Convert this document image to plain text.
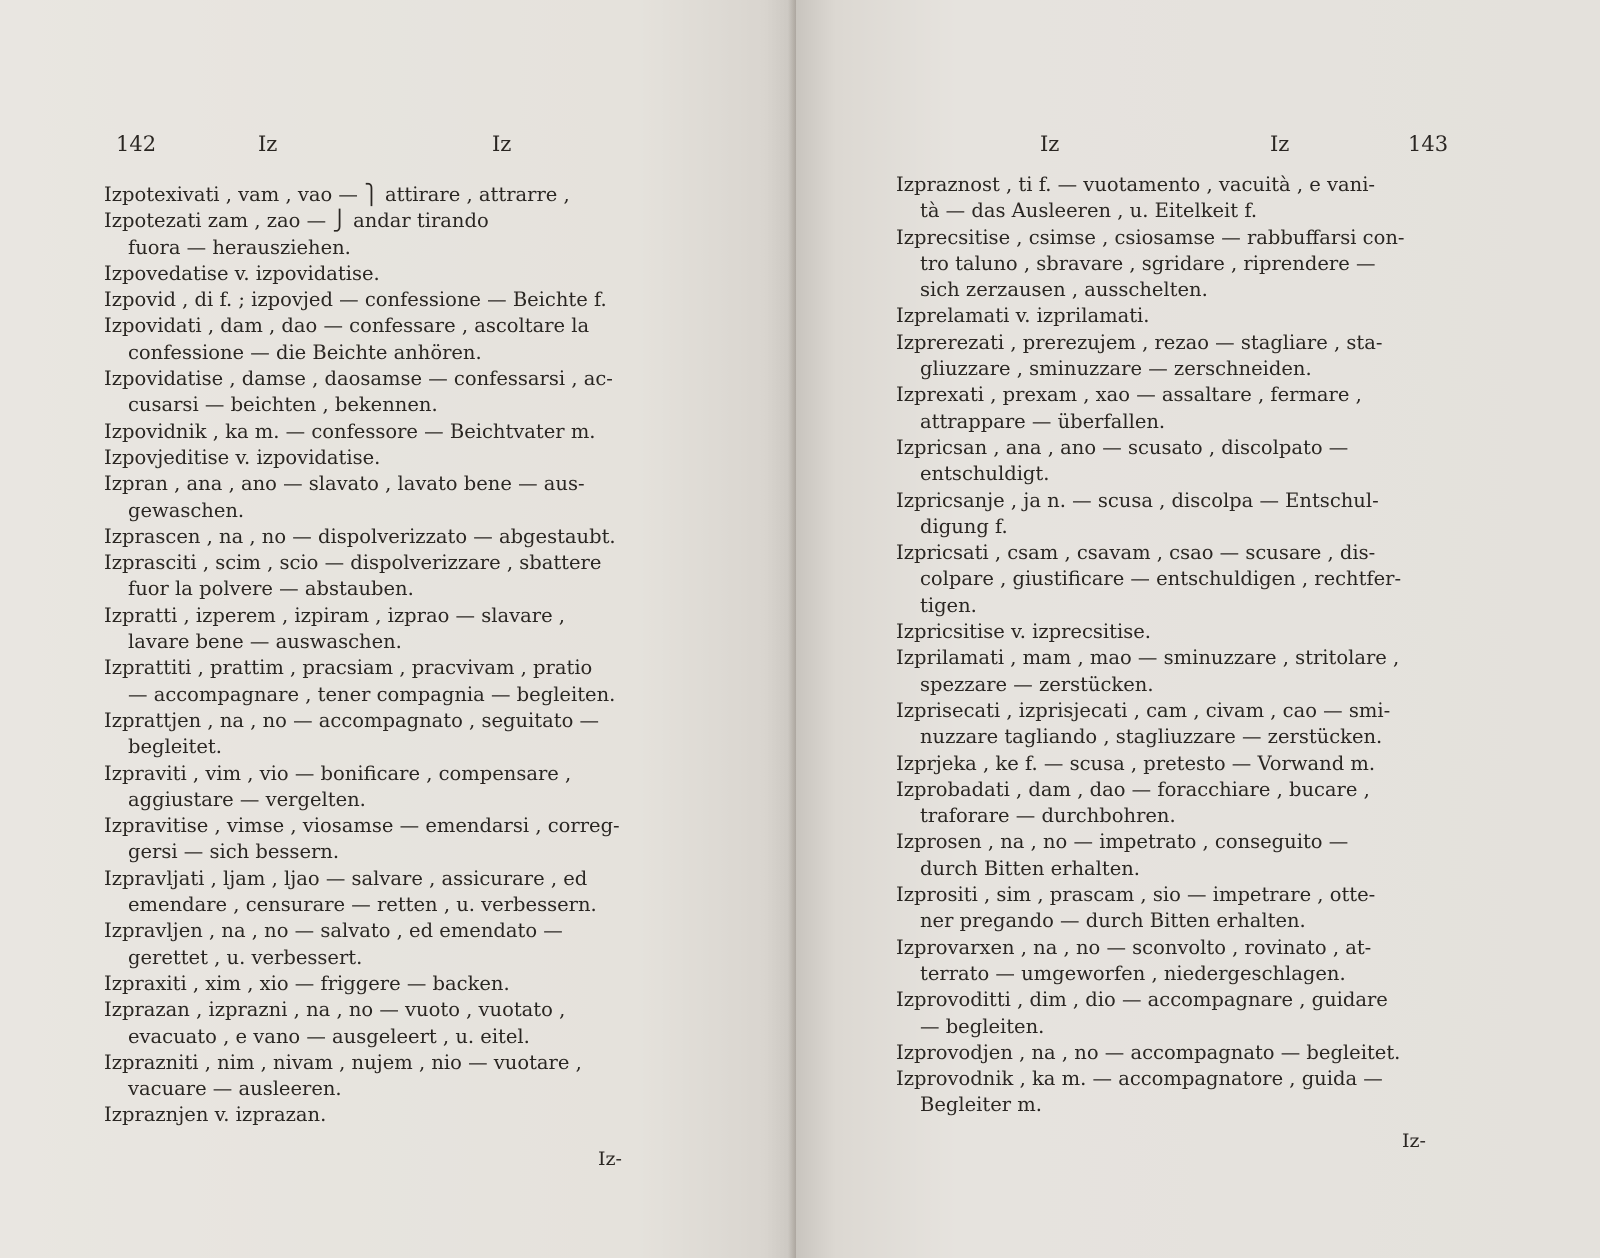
142	Iz	Iz
Izpotexivati , vam , vao — ⎫ attirare , attrarre ,
Izpotezati zam , zao — ⎭ andar tirando
fuora — herausziehen.
Izpovedatise v. izpovidatise.
Izpovid , di f. ; izpovjed — confessione — Beichte f.
Izpovidati , dam , dao — confessare , ascoltare la
confessione — die Beichte anhören.
Izpovidatise , damse , daosamse — confessarsi , ac-
cusarsi — beichten , bekennen.
Izpovidnik , ka m. — confessore — Beichtvater m.
Izpovjeditise v. izpovidatise.
Izpran , ana , ano — slavato , lavato bene — aus-
gewaschen.
Izprascen , na , no — dispolverizzato — abgestaubt.
Izprasciti , scim , scio — dispolverizzare , sbattere
fuor la polvere — abstauben.
Izpratti , izperem , izpiram , izprao — slavare ,
lavare bene — auswaschen.
Izprattiti , prattim , pracsiam , pracvivam , pratio
— accompagnare , tener compagnia — begleiten.
Izprattjen , na , no — accompagnato , seguitato —
begleitet.
Izpraviti , vim , vio — bonificare , compensare ,
aggiustare — vergelten.
Izpravitise , vimse , viosamse — emendarsi , correg-
gersi — sich bessern.
Izpravljati , ljam , ljao — salvare , assicurare , ed
emendare , censurare — retten , u. verbessern.
Izpravljen , na , no — salvato , ed emendato —
gerettet , u. verbessert.
Izpraxiti , xim , xio — friggere — backen.
Izprazan , izprazni , na , no — vuoto , vuotato ,
evacuato , e vano — ausgeleert , u. eitel.
Izprazniti , nim , nivam , nujem , nio — vuotare ,
vacuare — ausleeren.
Izpraznjen v. izprazan.
Iz-
Iz	Iz	143
Izpraznost , ti f. — vuotamento , vacuità , e vani-
tà — das Ausleeren , u. Eitelkeit f.
Izprecsitise , csimse , csiosamse — rabbuffarsi con-
tro taluno , sbravare , sgridare , riprendere —
sich zerzausen , ausschelten.
Izprelamati v. izprilamati.
Izprerezati , prerezujem , rezao — stagliare , sta-
gliuzzare , sminuzzare — zerschneiden.
Izprexati , prexam , xao — assaltare , fermare ,
attrappare — überfallen.
Izpricsan , ana , ano — scusato , discolpato —
entschuldigt.
Izpricsanje , ja n. — scusa , discolpa — Entschul-
digung f.
Izpricsati , csam , csavam , csao — scusare , dis-
colpare , giustificare — entschuldigen , rechtfer-
tigen.
Izpricsitise v. izprecsitise.
Izprilamati , mam , mao — sminuzzare , stritolare ,
spezzare — zerstücken.
Izprisecati , izprisjecati , cam , civam , cao — smi-
nuzzare tagliando , stagliuzzare — zerstücken.
Izprjeka , ke f. — scusa , pretesto — Vorwand m.
Izprobadati , dam , dao — foracchiare , bucare ,
traforare — durchbohren.
Izprosen , na , no — impetrato , conseguito —
durch Bitten erhalten.
Izprositi , sim , prascam , sio — impetrare , otte-
ner pregando — durch Bitten erhalten.
Izprovarxen , na , no — sconvolto , rovinato , at-
terrato — umgeworfen , niedergeschlagen.
Izprovoditti , dim , dio — accompagnare , guidare
— begleiten.
Izprovodjen , na , no — accompagnato — begleitet.
Izprovodnik , ka m. — accompagnatore , guida —
Begleiter m.
Iz-
